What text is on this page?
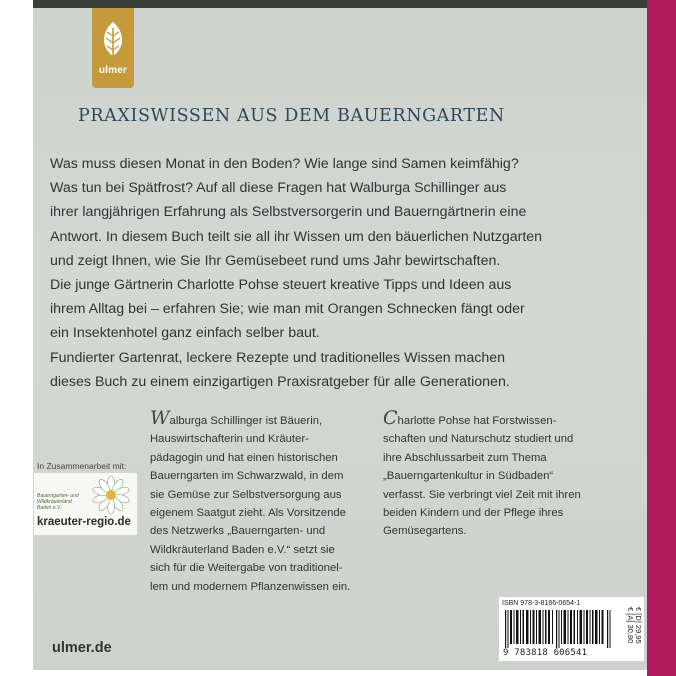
ulmer
PRAXISWISSEN AUS DEM BAUERNGARTEN

Was muss diesen Monat in den Boden? Wie lange sind Samen keimfähig?

Was tun bei Spätfrost? Auf all diese Fragen hat Walburga Schillinger aus

ihrer langjährigen Erfahrung als Selbstversorgerin und Bauerngärtnerin eine

Antwort. In diesem Buch teilt sie all ihr Wissen um den bäuerlichen Nutzgarten

und zeigt Ihnen, wie Sie Ihr Gemüsebeet rund ums Jahr bewirtschaften.

Die junge Gärtnerin Charlotte Pohse steuert kreative Tipps und Ideen aus

ihrem Alltag bei – erfahren Sie; wie man mit Orangen Schnecken fängt oder

ein Insektenhotel ganz einfach selber baut.

Fundierter Gartenrat, leckere Rezepte und traditionelles Wissen machen

dieses Buch zu einem einzigartigen Praxisratgeber für alle Generationen.

Walburga Schillinger ist Bäuerin,

Hauswirtschafterin und Kräuter-

pädagogin und hat einen historischen

Bauerngarten im Schwarzwald, in dem

sie Gemüse zur Selbstversorgung aus

eigenem Saatgut zieht. Als Vorsitzende

des Netzwerks „Bauerngarten- und

Wildkräuterland Baden e.V.“ setzt sie

sich für die Weitergabe von traditionel-

lem und modernem Pflanzenwissen ein.

Charlotte Pohse hat Forstwissen-

schaften und Naturschutz studiert und

ihre Abschlussarbeit zum Thema

„Bauerngartenkultur in Südbaden“

verfasst. Sie verbringt viel Zeit mit ihren

beiden Kindern und der Pflege ihres

Gemüsegartens.

In Zusammenarbeit mit:
Bauerngarten- und Wildkräuterland Baden e.V.
kraeuter-regio.de
ulmer.de
ISBN 978-3-8186-0654-1
9 783818 606541
€ [D] 29,95
€ [A] 30,80
